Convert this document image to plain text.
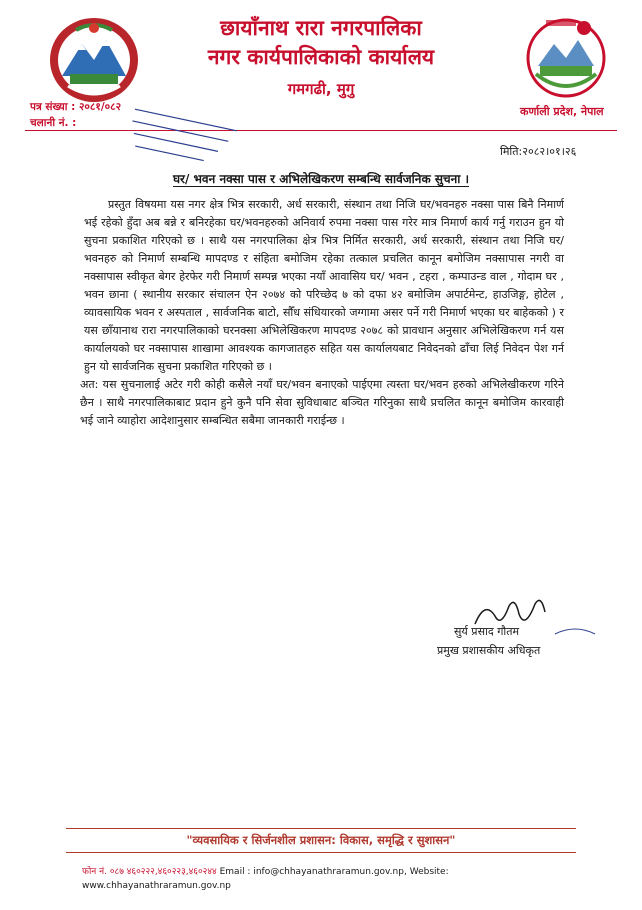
छायाँनाथ रारा नगरपालिका
नगर कार्यपालिकाको कार्यालय
गमगढी, मुगु
पत्र संख्या : २०८१/०८२
चलानी नं. :
कर्णाली प्रदेश, नेपाल
मिति:२०८२।०१।२६
घर/ भवन नक्सा पास र अभिलेखिकरण सम्बन्धि सार्वजनिक सुचना ।

प्रस्तुत विषयमा यस नगर क्षेत्र भित्र सरकारी, अर्ध सरकारी, संस्थान तथा निजि घर/भवनहरु नक्सा पास बिनै निमार्ण भई रहेको हुँदा अब बन्ने र बनिरहेका घर/भवनहरुको अनिवार्य रुपमा नक्सा पास गरेर मात्र निमार्ण कार्य गर्नु गराउन हुन यो सुचना प्रकाशित गरिएको छ । साथै यस नगरपालिका क्षेत्र भित्र निर्मित सरकारी, अर्ध सरकारी, संस्थान तथा निजि घर/भवनहरु को निमार्ण सम्बन्धि मापदण्ड र संहिता बमोजिम रहेका तत्काल प्रचलित कानून बमोजिम नक्सापास नगरी वा नक्सापास स्वीकृत बेगर हेरफेर गरी निमार्ण सम्पन्न भएका नयाँ आवासिय घर/ भवन , टहरा , कम्पाउन्ड वाल , गोदाम घर , भवन छाना ( स्थानीय सरकार संचालन ऐन २०७४ को परिच्छेद ७ को दफा ४२ बमोजिम अपार्टमेन्ट, हाउजिङ्ग, होटेल , व्यावसायिक भवन र अस्पताल , सार्वजनिक बाटो, सौँध संधियारको जग्गामा असर पर्ने गरी निमार्ण भएका घर बाहेकको ) र यस छाँयानाथ रारा नगरपालिकाको घरनक्सा अभिलेखिकरण मापदण्ड २०७८ को प्रावधान अनुसार अभिलेखिकरण गर्न यस कार्यालयको घर नक्सापास शाखामा आवश्यक कागजातहरु सहित यस कार्यालयबाट निवेदनको ढाँचा लिई निवेदन पेश गर्न हुन यो सार्वजनिक सुचना प्रकाशित गरिएको छ ।

अत: यस सुचनालाई अटेर गरी कोही कसैले नयाँ घर/भवन बनाएको पाईएमा त्यस्ता घर/भवन हरुको अभिलेखीकरण गरिने छैन । साथै नगरपालिकाबाट प्रदान हुने कुनै पनि सेवा सुविधाबाट बञ्चित गरिनुका साथै प्रचलित कानून बमोजिम कारवाही भई जाने व्याहोरा आदेशानुसार सम्बन्धित सबैमा जानकारी गराईन्छ ।

सुर्य प्रसाद गौतम
प्रमुख प्रशासकीय अधिकृत
"व्यवसायिक र सिर्जनशील प्रशासन: विकास, समृद्धि र सुशासन"
फोन नं. ०८७ ४६०२२२,४६०२२३,४६०२४४ Email : info@chhayanathraramun.gov.np, Website:
www.chhayanathraramun.gov.np
